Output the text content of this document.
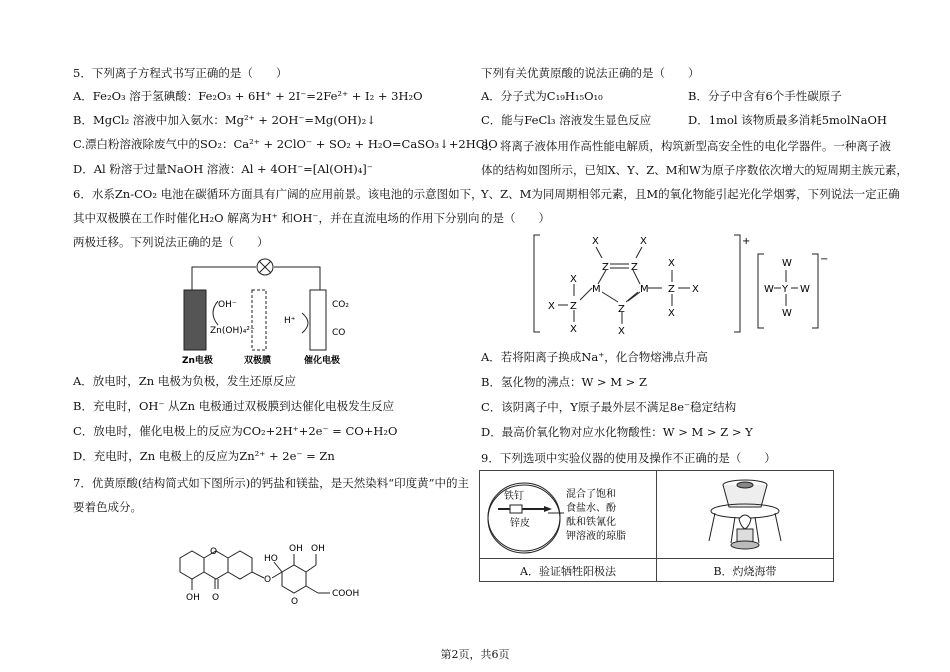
5．下列离子方程式书写正确的是（　　）
A．Fe₂O₃ 溶于氢碘酸：Fe₂O₃ + 6H⁺ + 2I⁻=2Fe²⁺ + I₂ + 3H₂O
B．MgCl₂ 溶液中加入氨水：Mg²⁺ + 2OH⁻=Mg(OH)₂↓
C.漂白粉溶液除废气中的SO₂：Ca²⁺ + 2ClO⁻ + SO₂ + H₂O=CaSO₃↓+2HClO
D．Al 粉溶于过量NaOH 溶液：Al + 4OH⁻=[Al(OH)₄]⁻
6．水系Zn-CO₂ 电池在碳循环方面具有广阔的应用前景。该电池的示意图如下，
其中双极膜在工作时催化H₂O 解离为H⁺ 和OH⁻，并在直流电场的作用下分别向
两极迁移。下列说法正确的是（　　）
OH⁻
Zn(OH)₄²⁻
H⁺
CO₂
CO
Zn电极	双极膜	催化电极
A．放电时，Zn 电极为负极，发生还原反应
B．充电时，OH⁻ 从Zn 电极通过双极膜到达催化电极发生反应
C．放电时，催化电极上的反应为CO₂+2H⁺+2e⁻ = CO+H₂O
D．充电时，Zn 电极上的反应为Zn²⁺ + 2e⁻ = Zn
7．优黄原酸(结构简式如下图所示)的钙盐和镁盐，是天然染料“印度黄”中的主
要着色成分。
O
OH O
O
HO
OH OH
O
COOH
下列有关优黄原酸的说法正确的是（　　）
A．分子式为C₁₉H₁₅O₁₀	B．分子中含有6个手性碳原子
C．能与FeCl₃ 溶液发生显色反应	D．1mol 该物质最多消耗5molNaOH
8．将离子液体用作高性能电解质，构筑新型高安全性的电化学器件。一种离子液
体的结构如图所示，已知X、Y、Z、M和W为原子序数依次增大的短周期主族元素，
Y、Z、M为同周期相邻元素，且M的氧化物能引起光化学烟雾，下列说法一定正确
的是（　　）
+
−
X	X
Z Z
M	M
Z
X
X
Z
X
X
X
Z
X
X
W
W Y W
W
A．若将阳离子换成Na⁺，化合物熔沸点升高
B．氢化物的沸点：W > M > Z
C．该阴离子中，Y原子最外层不满足8e⁻稳定结构
D．最高价氧化物对应水化物酸性：W > M > Z > Y
9．下列选项中实验仪器的使用及操作不正确的是（　　）
铁钉
锌皮
混合了饱和
食盐水、酚
酞和铁氰化
钾溶液的琼脂
A．验证牺牲阳极法	B．灼烧海带
第2页，共6页
